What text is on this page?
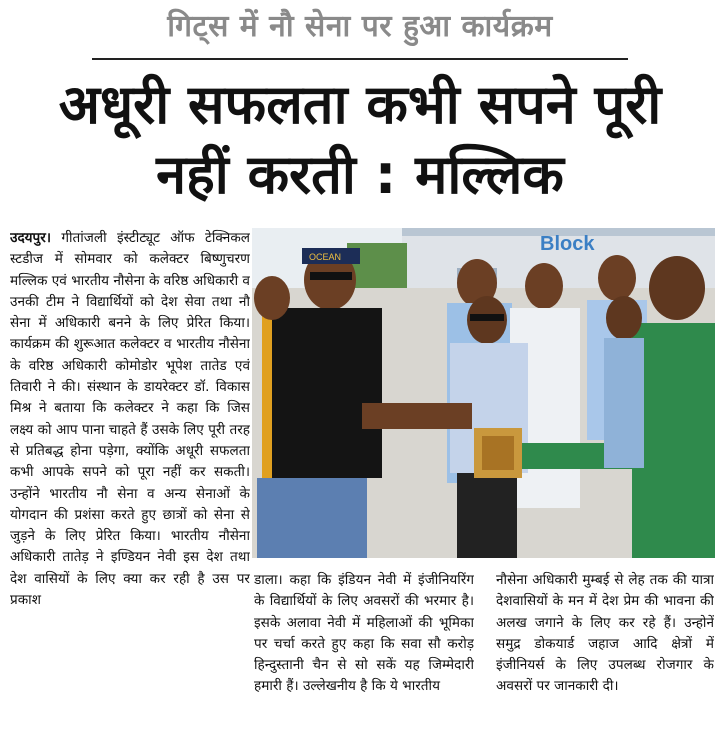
गिट्स में नौ सेना पर हुआ कार्यक्रम
अधूरी सफलता कभी सपने पूरी
नहीं करती : मल्लिक
उदयपुर। गीतांजली इंस्टीट्यूट ऑफ टेक्निकल स्टडीज में सोमवार को कलेक्टर बिष्णुचरण मल्लिक एवं भारतीय नौसेना के वरिष्ठ अधिकारी व उनकी टीम ने विद्यार्थियों को देश सेवा तथा नौ सेना में अधिकारी बनने के लिए प्रेरित किया। कार्यक्रम की शुरूआत कलेक्टर व भारतीय नौसेना के वरिष्ठ अधिकारी कोमोडोर भूपेश तातेड एवं तिवारी ने की। संस्थान के डायरेक्टर डॉ. विकास मिश्र ने बताया कि कलेक्टर ने कहा कि जिस लक्ष्य को आप पाना चाहते हैं उसके लिए पूरी तरह से प्रतिबद्ध होना पड़ेगा, क्योंकि अधूरी सफलता कभी आपके सपने को पूरा नहीं कर सकती। उन्होंने भारतीय नौ सेना व अन्य सेनाओं के योगदान की प्रशंसा करते हुए छात्रों को सेना से जुड़ने के लिए प्रेरित किया। भारतीय नौसेना अधिकारी तातेड़ ने इण्डियन नेवी इस देश तथा देश वासियों के लिए क्या कर रही है उस पर प्रकाश
Block
OCEAN
डाला। कहा कि इंडियन नेवी में इंजीनियरिंग के विद्यार्थियों के लिए अवसरों की भरमार है। इसके अलावा नेवी में महिलाओं की भूमिका पर चर्चा करते हुए कहा कि सवा सौ करोड़ हिन्दुस्तानी चैन से सो सकें यह जिम्मेदारी हमारी हैं। उल्लेखनीय है कि ये भारतीय
नौसेना अधिकारी मुम्बई से लेह तक की यात्रा देशवासियों के मन में देश प्रेम की भावना की अलख जगाने के लिए कर रहे हैं। उन्होनें समुद्र डोकयार्ड जहाज आदि क्षेत्रों में इंजीनियर्स के लिए उपलब्ध रोजगार के अवसरों पर जानकारी दी।
